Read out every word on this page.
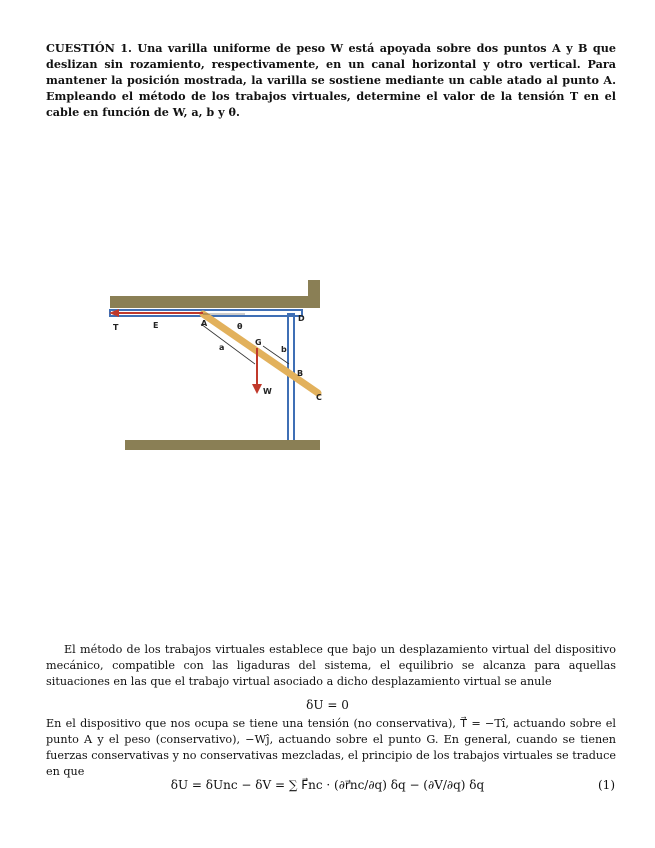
CUESTIÓN 1. Una varilla uniforme de peso W está apoyada sobre dos puntos A y B que deslizan sin rozamiento, respectivamente, en un canal horizontal y otro vertical. Para mantener la posición mostrada, la varilla se sostiene mediante un cable atado al punto A. Empleando el método de los trabajos virtuales, determine el valor de la tensión T en el cable en función de W, a, b y θ.
T	E	A	θ
D
G
b
a
B
W
C
El método de los trabajos virtuales establece que bajo un desplazamiento virtual del dispositivo mecánico, compatible con las ligaduras del sistema, el equilibrio se alcanza para aquellas situaciones en las que el trabajo virtual asociado a dicho desplazamiento virtual se anule
δU = 0
En el dispositivo que nos ocupa se tiene una tensión (no conservativa), T⃗ = −Tî, actuando sobre el punto A y el peso (conservativo), −Wĵ, actuando sobre el punto G. En general, cuando se tienen fuerzas conservativas y no conservativas mezcladas, el principio de los trabajos virtuales se traduce en que
δU = δUnc − δV = ∑ F⃗nc · (∂r⃗nc/∂q) δq − (∂V/∂q) δq	(1)
